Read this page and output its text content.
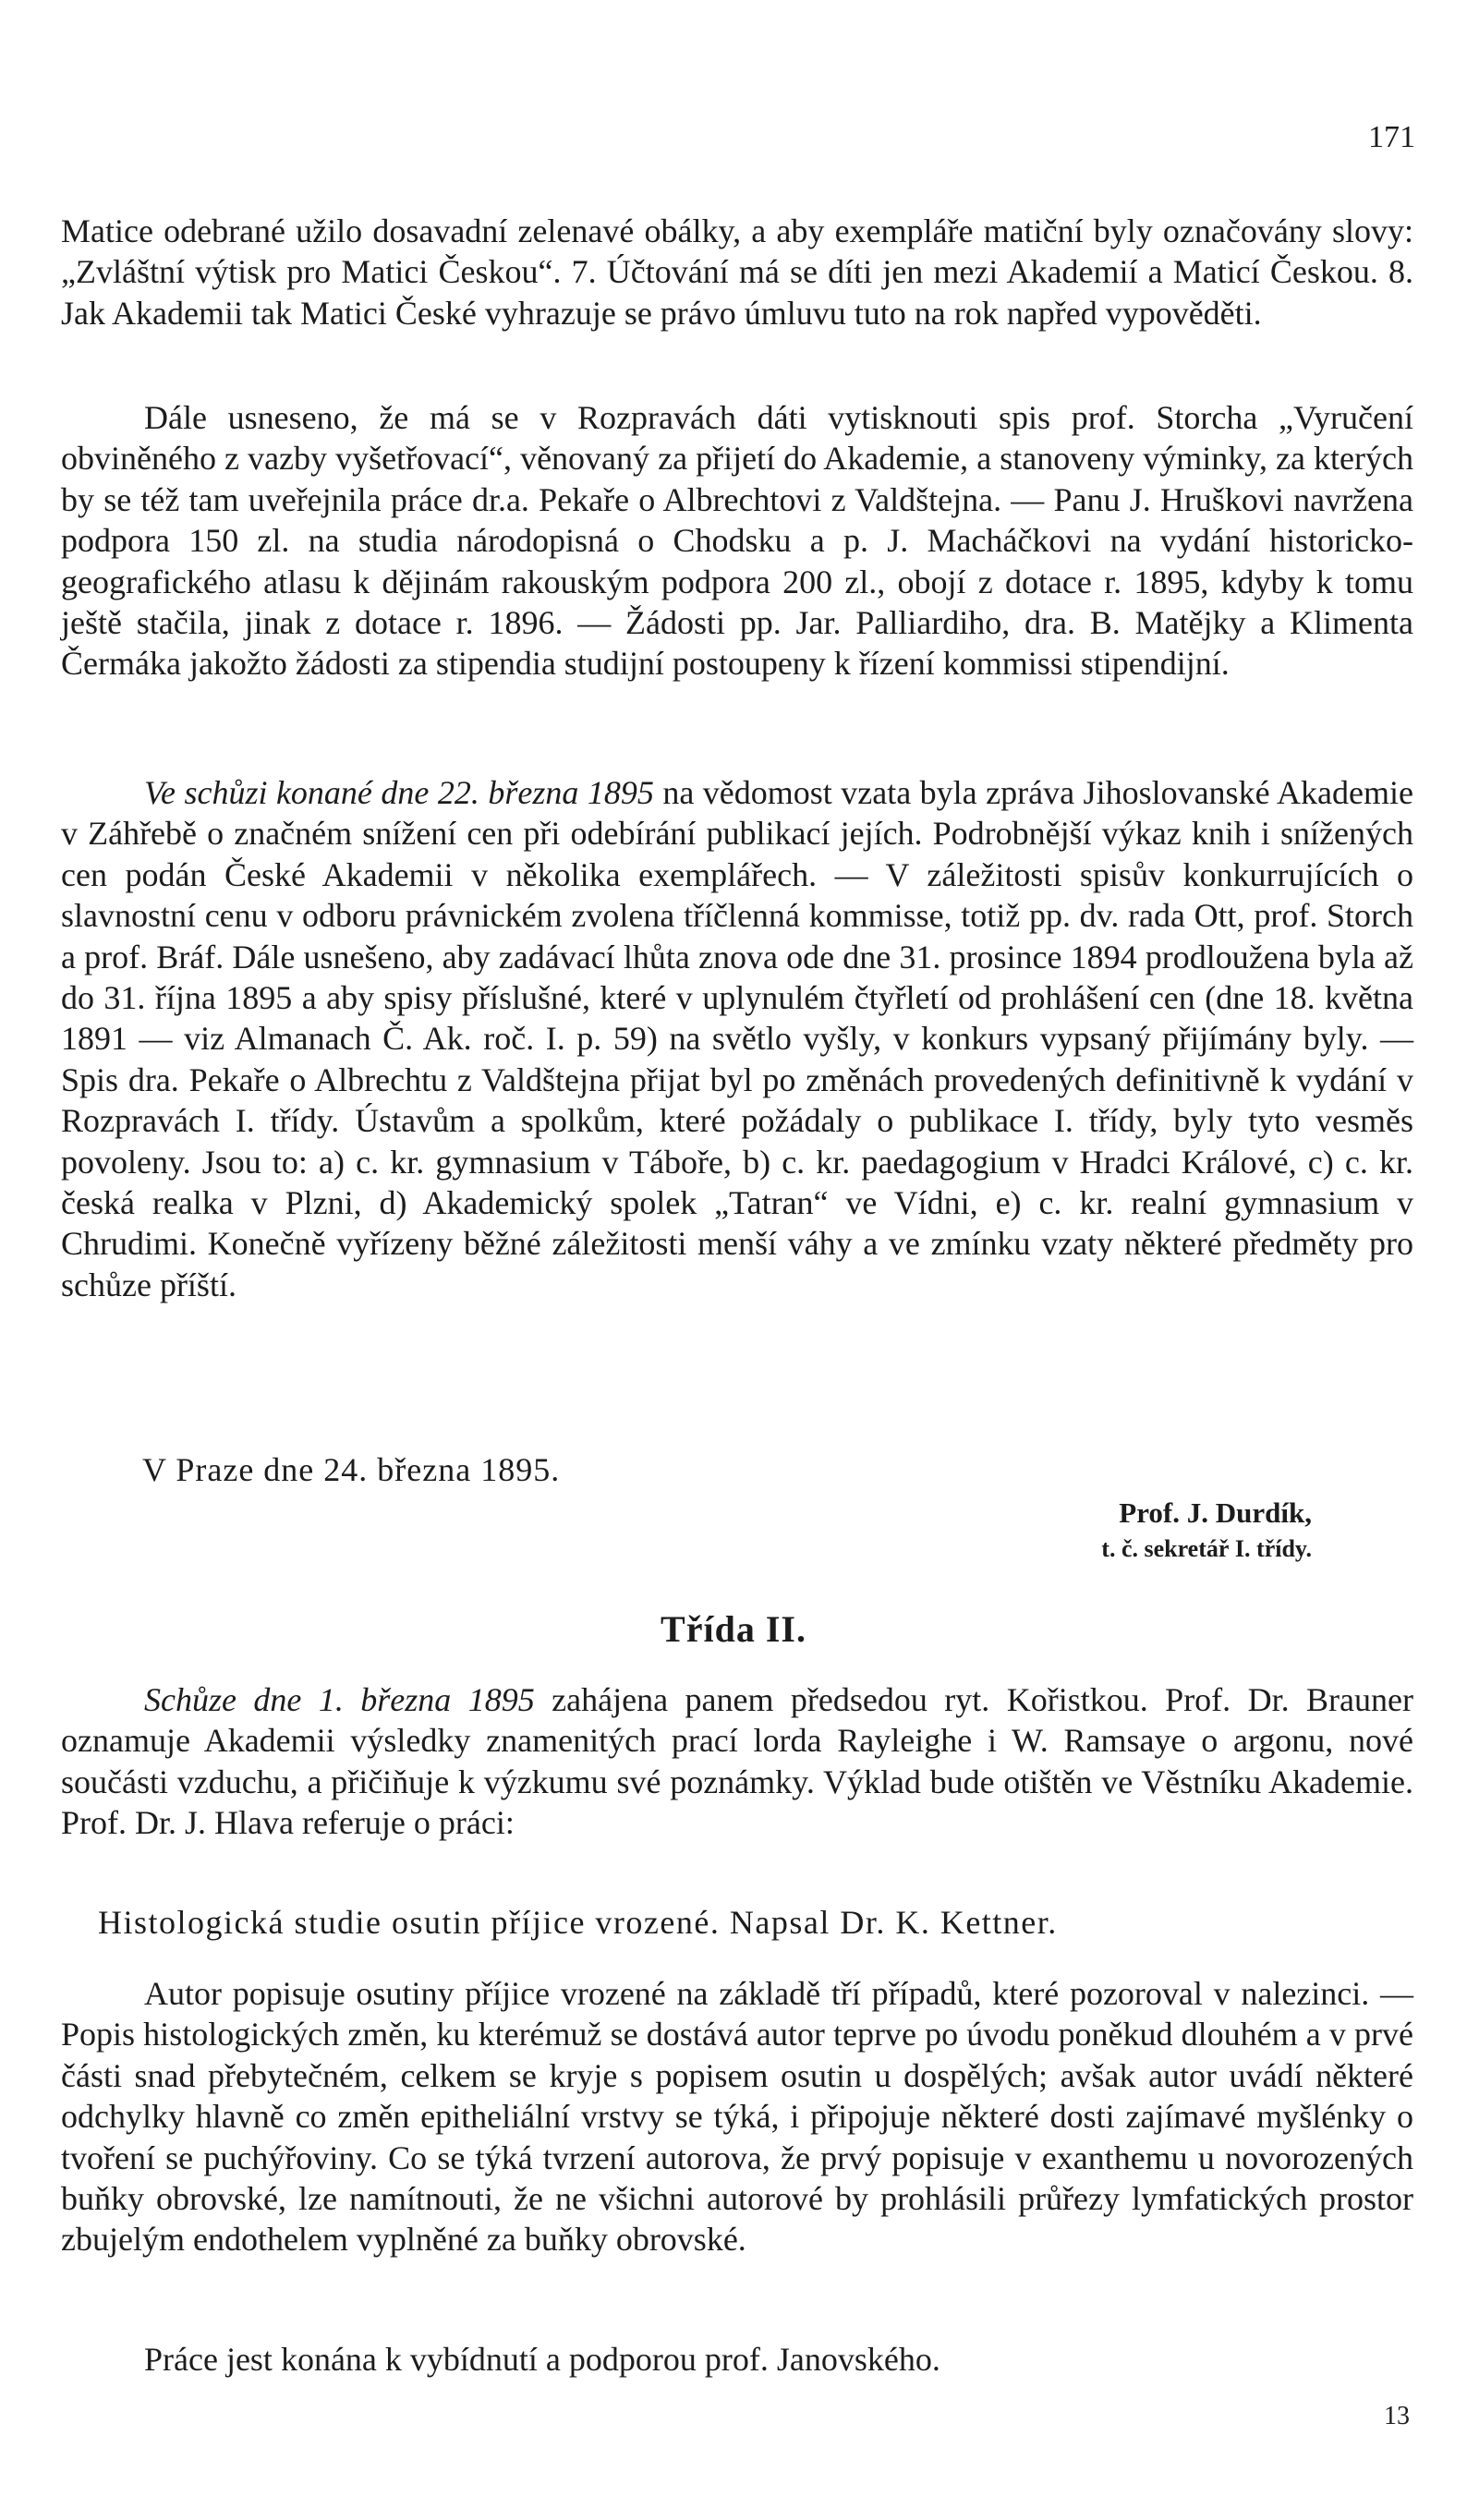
171

Matice odebrané užilo dosavadní zelenavé obálky, a aby exempláře matiční byly označovány slovy: „Zvláštní výtisk pro Matici Českou“. 7. Účtování má se díti jen mezi Akademií a Maticí Českou. 8. Jak Akademii tak Matici České vyhrazuje se právo úmluvu tuto na rok napřed vypověděti.

Dále usneseno, že má se v Rozpravách dáti vytisknouti spis prof. Storcha „Vyručení obviněného z vazby vyšetřovací“, věnovaný za přijetí do Akademie, a stanoveny výminky, za kterých by se též tam uveřejnila práce dr.a. Pekaře o Albrechtovi z Valdštejna. — Panu J. Hruškovi navržena podpora 150 zl. na studia národopisná o Chodsku a p. J. Macháčkovi na vydání historicko-geografického atlasu k dějinám rakouským podpora 200 zl., obojí z dotace r. 1895, kdyby k tomu ještě stačila, jinak z dotace r. 1896. — Žádosti pp. Jar. Palliardiho, dra. B. Matějky a Klimenta Čermáka jakožto žádosti za stipendia studijní postoupeny k řízení kommissi stipendijní.

Ve schůzi konané dne 22. března 1895 na vědomost vzata byla zpráva Jihoslovanské Akademie v Záhřebě o značném snížení cen při odebírání publikací jejích. Podrobnější výkaz knih i snížených cen podán České Akademii v několika exemplářech. — V záležitosti spisův konkurrujících o slavnostní cenu v odboru právnickém zvolena tříčlenná kommisse, totiž pp. dv. rada Ott, prof. Storch a prof. Bráf. Dále usnešeno, aby zadávací lhůta znova ode dne 31. prosince 1894 prodloužena byla až do 31. října 1895 a aby spisy příslušné, které v uplynulém čtyřletí od prohlášení cen (dne 18. května 1891 — viz Almanach Č. Ak. roč. I. p. 59) na světlo vyšly, v konkurs vypsaný přijímány byly. — Spis dra. Pekaře o Albrechtu z Valdštejna přijat byl po změnách provedených definitivně k vydání v Rozpravách I. třídy. Ústavům a spolkům, které požádaly o publikace I. třídy, byly tyto vesměs povoleny. Jsou to: a) c. kr. gymnasium v Táboře, b) c. kr. paedagogium v Hradci Králové, c) c. kr. česká realka v Plzni, d) Akademický spolek „Tatran“ ve Vídni, e) c. kr. realní gymnasium v Chrudimi. Konečně vyřízeny běžné záležitosti menší váhy a ve zmínku vzaty některé předměty pro schůze příští.

V Praze dne 24. března 1895.
Prof. J. Durdík,
t. č. sekretář I. třídy.
Třída II.

Schůze dne 1. března 1895 zahájena panem předsedou ryt. Kořistkou. Prof. Dr. Brauner oznamuje Akademii výsledky znamenitých prací lorda Rayleighe i W. Ramsaye o argonu, nové součásti vzduchu, a přičiňuje k výzkumu své poznámky. Výklad bude otištěn ve Věstníku Akademie. Prof. Dr. J. Hlava referuje o práci:

Histologická studie osutin příjice vrozené. Napsal Dr. K. Kettner.

Autor popisuje osutiny příjice vrozené na základě tří případů, které pozoroval v nalezinci. — Popis histologických změn, ku kterémuž se dostává autor teprve po úvodu poněkud dlouhém a v prvé části snad přebytečném, celkem se kryje s popisem osutin u dospělých; avšak autor uvádí některé odchylky hlavně co změn epitheliální vrstvy se týká, i připojuje některé dosti zajímavé myšlénky o tvoření se puchýřoviny. Co se týká tvrzení autorova, že prvý popisuje v exanthemu u novorozených buňky obrovské, lze namítnouti, že ne všichni autorové by prohlásili průřezy lymfatických prostor zbujelým endothelem vyplněné za buňky obrovské.

Práce jest konána k vybídnutí a podporou prof. Janovského.

13
